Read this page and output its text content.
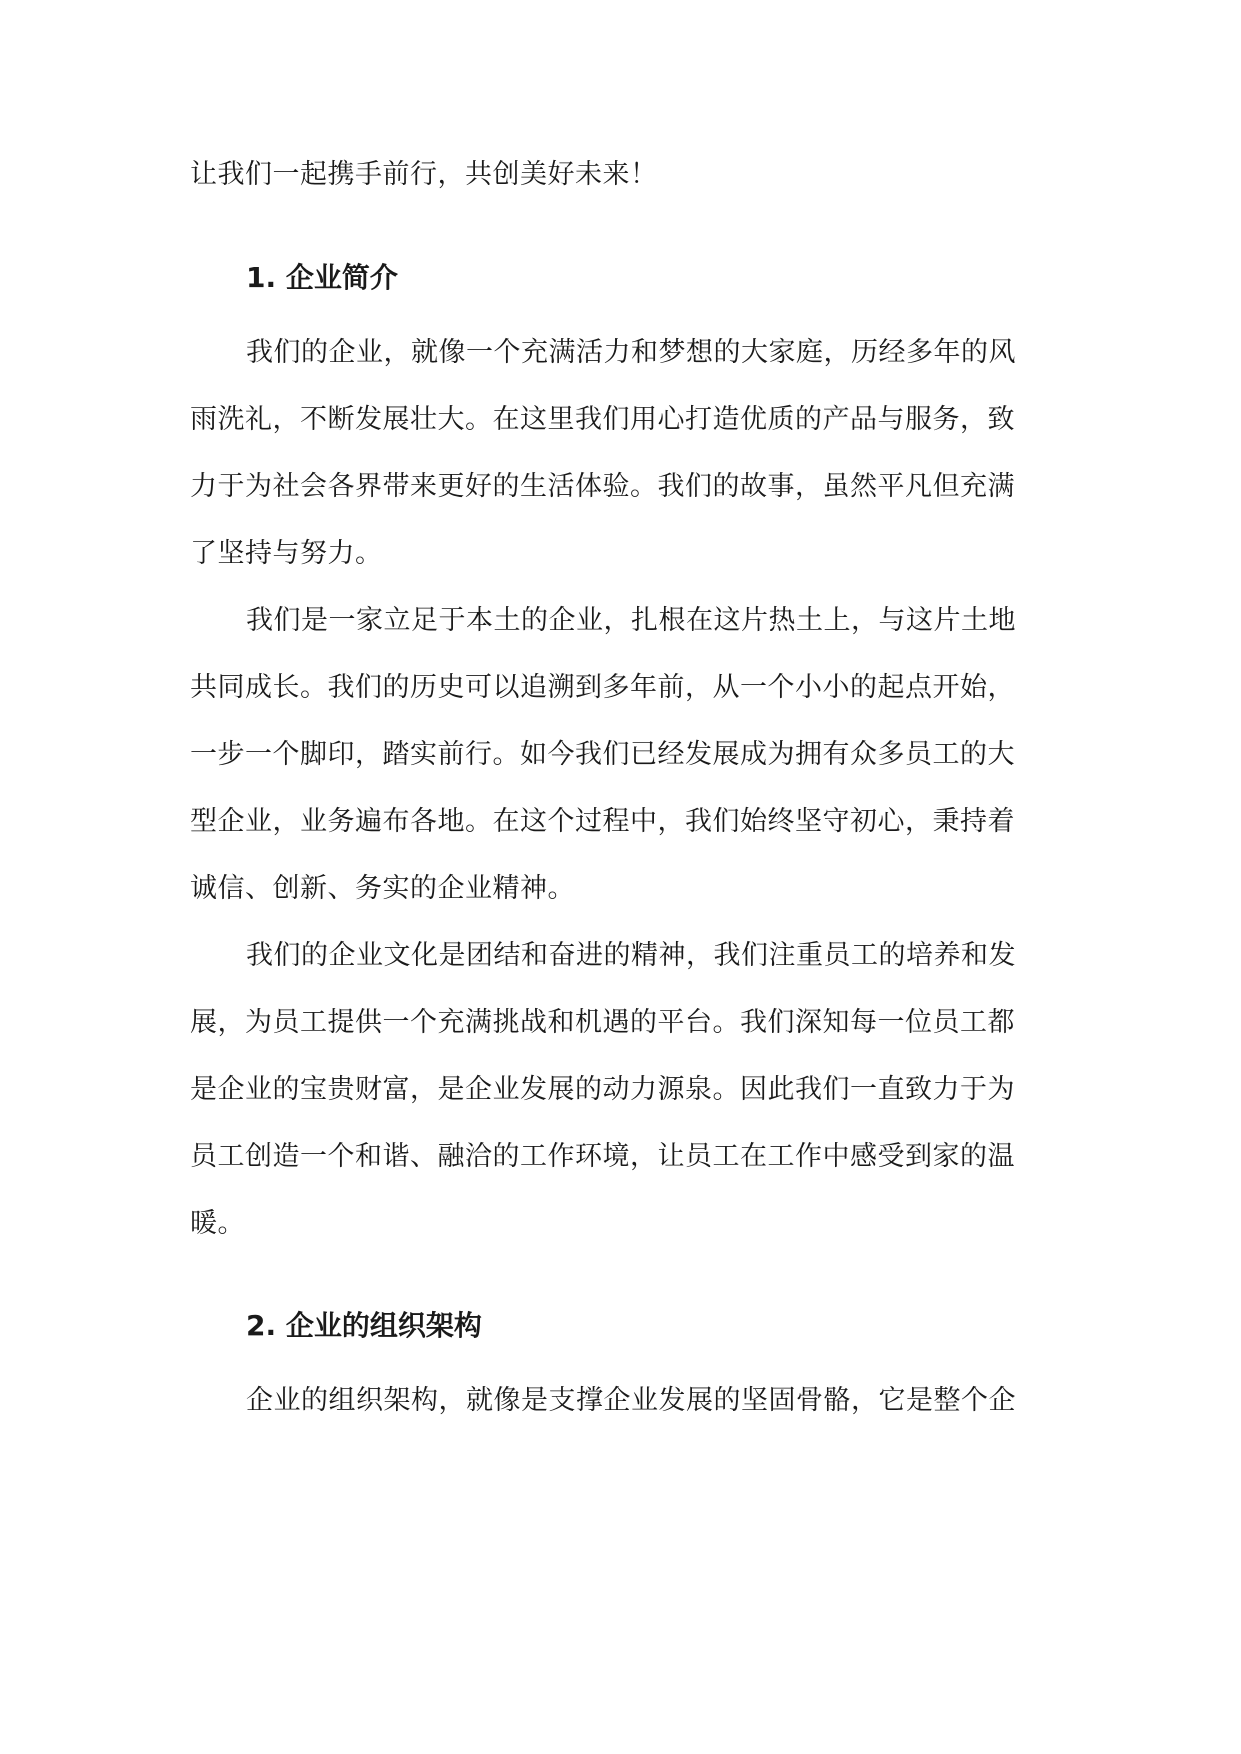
让我们一起携手前行，共创美好未来！
1. 企业简介
我们的企业，就像一个充满活力和梦想的大家庭，历经多年的风
雨洗礼，不断发展壮大。在这里我们用心打造优质的产品与服务，致
力于为社会各界带来更好的生活体验。我们的故事，虽然平凡但充满
了坚持与努力。
我们是一家立足于本土的企业，扎根在这片热土上，与这片土地
共同成长。我们的历史可以追溯到多年前，从一个小小的起点开始，
一步一个脚印，踏实前行。如今我们已经发展成为拥有众多员工的大
型企业，业务遍布各地。在这个过程中，我们始终坚守初心，秉持着
诚信、创新、务实的企业精神。
我们的企业文化是团结和奋进的精神，我们注重员工的培养和发
展，为员工提供一个充满挑战和机遇的平台。我们深知每一位员工都
是企业的宝贵财富，是企业发展的动力源泉。因此我们一直致力于为
员工创造一个和谐、融洽的工作环境，让员工在工作中感受到家的温
暖。
2. 企业的组织架构
企业的组织架构，就像是支撑企业发展的坚固骨骼，它是整个企
